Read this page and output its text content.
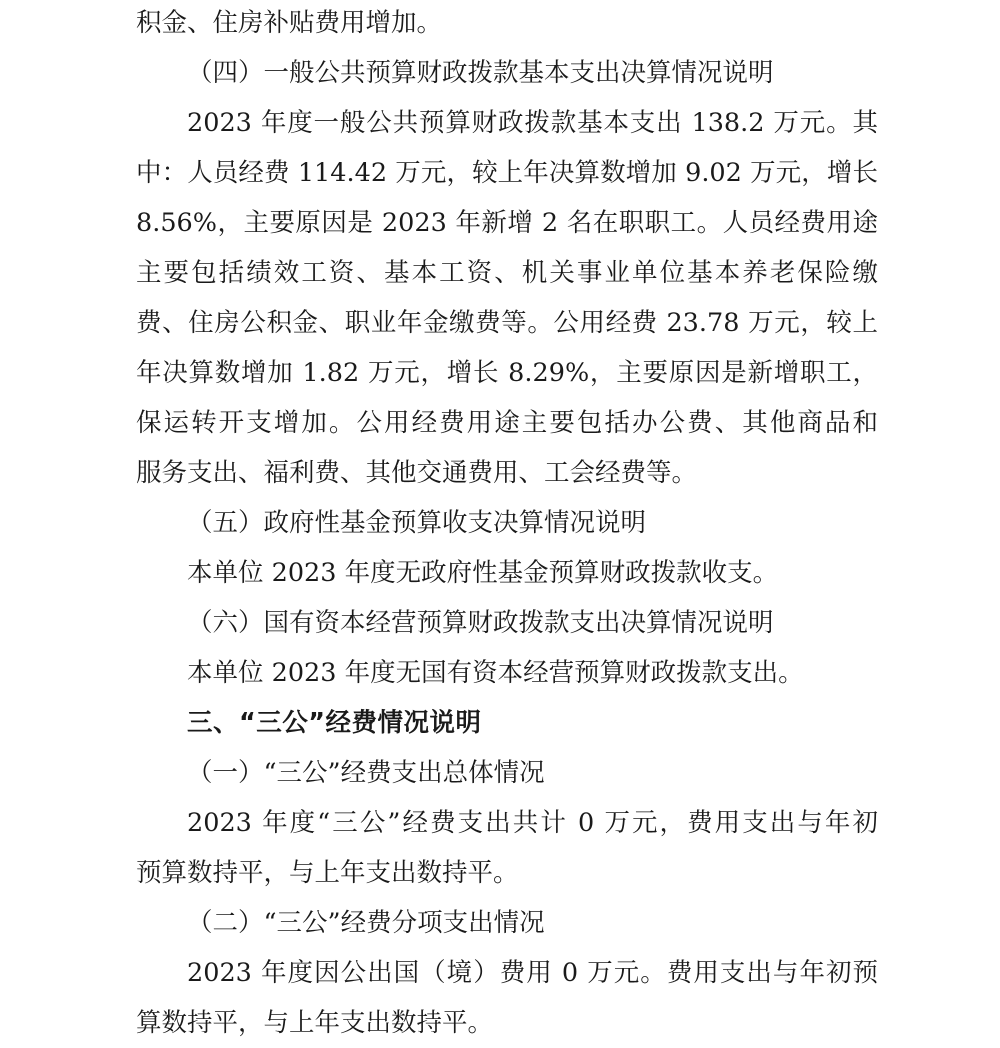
积金、住房补贴费用增加。
（四）一般公共预算财政拨款基本支出决算情况说明
2023 年度一般公共预算财政拨款基本支出 138.2 万元。其
中：人员经费 114.42 万元，较上年决算数增加 9.02 万元，增长
8.56%，主要原因是 2023 年新增 2 名在职职工。人员经费用途
主要包括绩效工资、基本工资、机关事业单位基本养老保险缴
费、住房公积金、职业年金缴费等。公用经费 23.78 万元，较上
年决算数增加 1.82 万元，增长 8.29%，主要原因是新增职工，
保运转开支增加。公用经费用途主要包括办公费、其他商品和
服务支出、福利费、其他交通费用、工会经费等。
（五）政府性基金预算收支决算情况说明
本单位 2023 年度无政府性基金预算财政拨款收支。
（六）国有资本经营预算财政拨款支出决算情况说明
本单位 2023 年度无国有资本经营预算财政拨款支出。
三、“三公”经费情况说明
（一）“三公”经费支出总体情况
2023 年度“三公”经费支出共计 0 万元，费用支出与年初
预算数持平，与上年支出数持平。
（二）“三公”经费分项支出情况
2023 年度因公出国（境）费用 0 万元。费用支出与年初预
算数持平，与上年支出数持平。
